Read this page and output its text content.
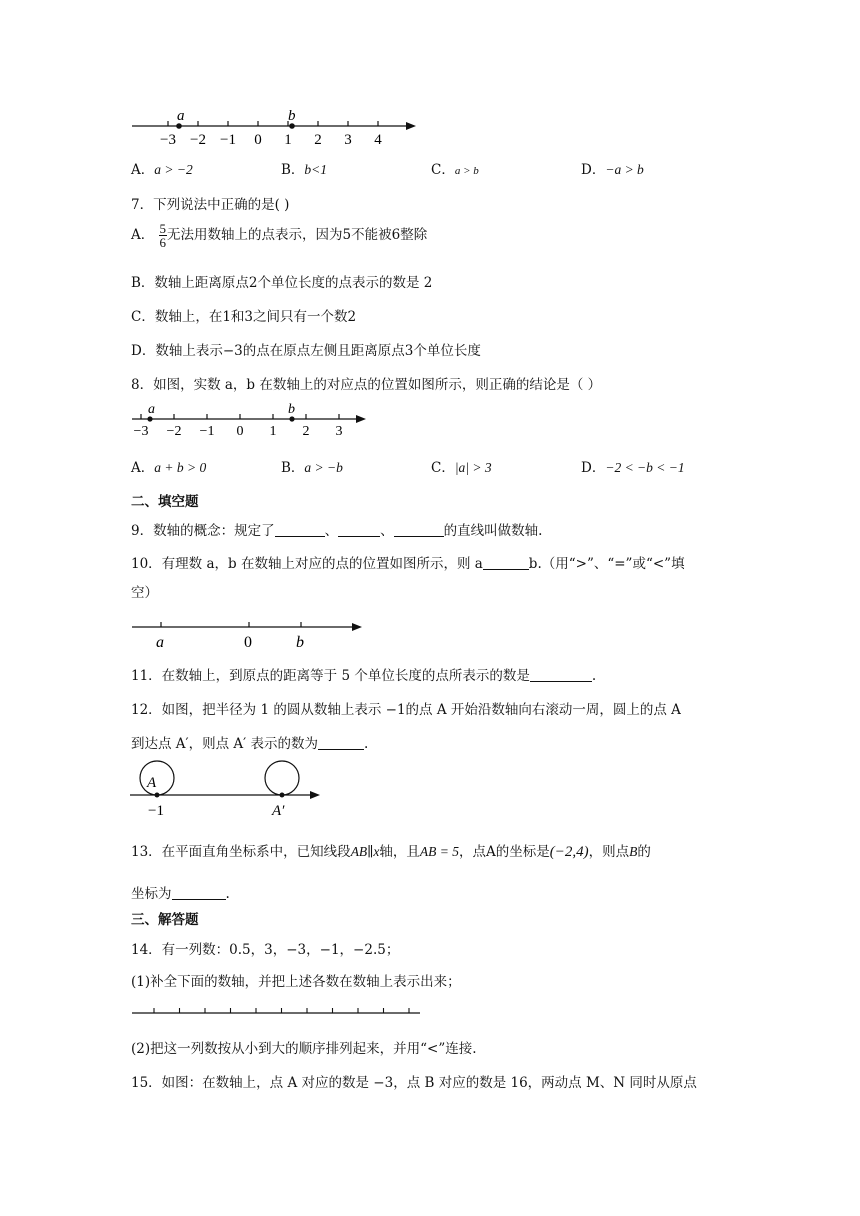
−3 −2 −1 0 1 2 3 4
a	b
A．a > −2	B．b<1	C．a > b	D．−a > b
7．下列说法中正确的是( )
A． $\frac{5}{6}$ 无法用数轴上的点表示，因为5不能被6整除
B．数轴上距离原点2个单位长度的点表示的数是 2
C．数轴上，在1和3之间只有一个数2
D．数轴上表示−3的点在原点左侧且距离原点3个单位长度
8．如图，实数 a，b 在数轴上的对应点的位置如图所示，则正确的结论是（ ）
−3 −2 −1 0 1 2 3
a	b
A．a + b > 0	B．a > −b	C．|a| > 3	D．−2 < −b < −1
二、填空题
9．数轴的概念：规定了	、	、	的直线叫做数轴.
10．有理数 a，b 在数轴上对应的点的位置如图所示，则 a	b.（用“>”、“=”或“<”填
空）
a	0	b
11．在数轴上，到原点的距离等于 5 个单位长度的点所表示的数是	.
12．如图，把半径为 1 的圆从数轴上表示 −1的点 A 开始沿数轴向右滚动一周，圆上的点 A
到达点 A′，则点 A′ 表示的数为	.
A
−1	A′
13．在平面直角坐标系中，已知线段AB∥x轴，且AB = 5，点A的坐标是(−2,4)，则点B的
坐标为	.
三、解答题
14．有一列数：0.5，3，−3，−1，−2.5；
(1)补全下面的数轴，并把上述各数在数轴上表示出来；
(2)把这一列数按从小到大的顺序排列起来，并用“<”连接.
15．如图：在数轴上，点 A 对应的数是 −3，点 B 对应的数是 16，两动点 M、N 同时从原点
